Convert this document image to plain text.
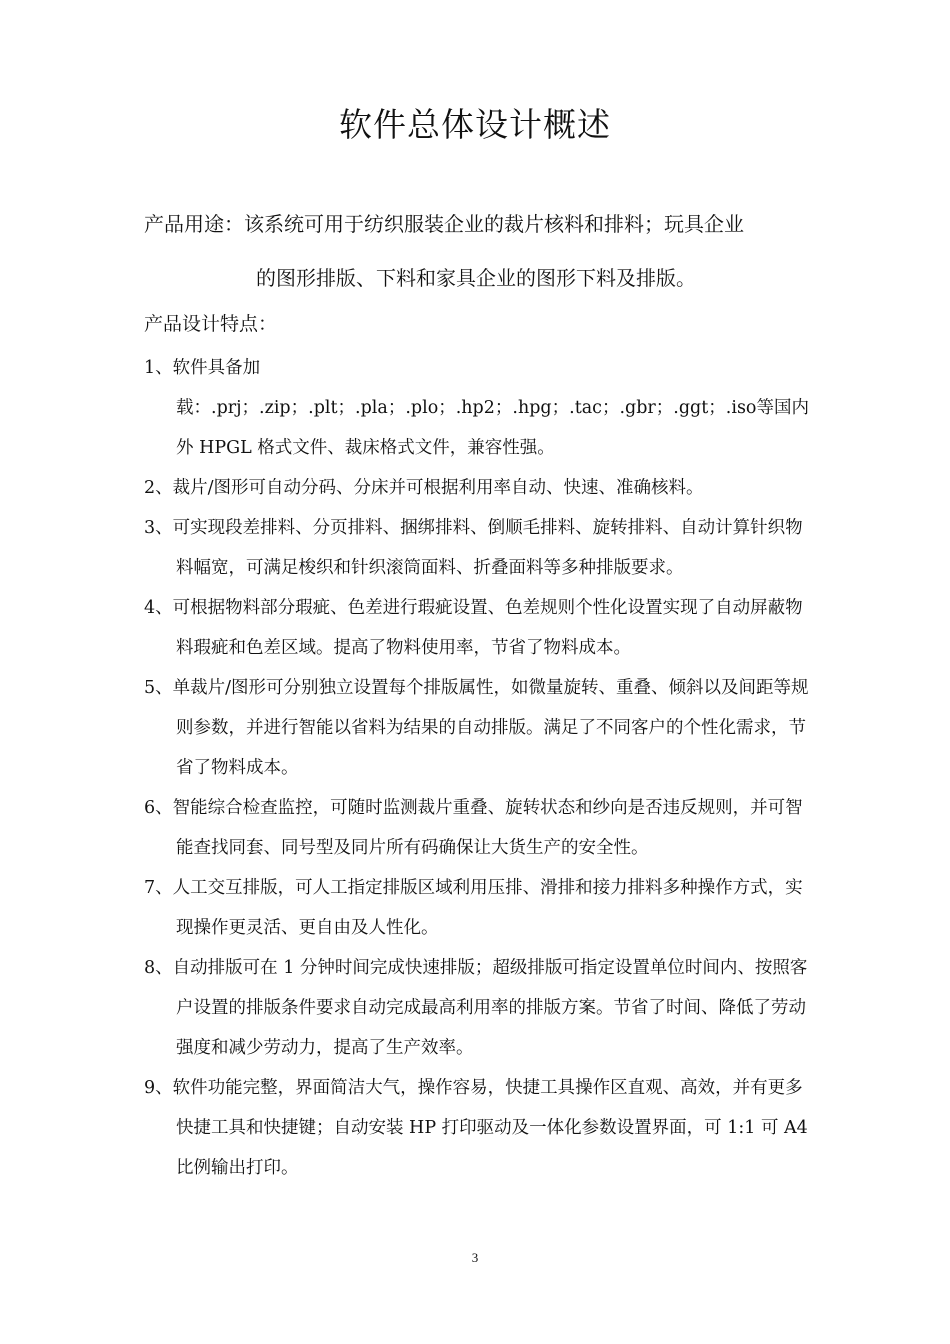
软件总体设计概述

产品用途：该系统可用于纺织服装企业的裁片核料和排料；玩具企业
的图形排版、下料和家具企业的图形下料及排版。

产品设计特点：

1、软件具备加载：.prj；.zip；.plt；.pla；.plo；.hp2；.hpg；.tac；.gbr；.ggt；.iso等国内外 HPGL 格式文件、裁床格式文件，兼容性强。
2、裁片/图形可自动分码、分床并可根据利用率自动、快速、准确核料。
3、可实现段差排料、分页排料、捆绑排料、倒顺毛排料、旋转排料、自动计算针织物料幅宽，可满足梭织和针织滚筒面料、折叠面料等多种排版要求。
4、可根据物料部分瑕疵、色差进行瑕疵设置、色差规则个性化设置实现了自动屏蔽物料瑕疵和色差区域。提高了物料使用率，节省了物料成本。
5、单裁片/图形可分别独立设置每个排版属性，如微量旋转、重叠、倾斜以及间距等规则参数，并进行智能以省料为结果的自动排版。满足了不同客户的个性化需求，节省了物料成本。
6、智能综合检查监控，可随时监测裁片重叠、旋转状态和纱向是否违反规则，并可智能查找同套、同号型及同片所有码确保让大货生产的安全性。
7、人工交互排版，可人工指定排版区域利用压排、滑排和接力排料多种操作方式，实现操作更灵活、更自由及人性化。
8、自动排版可在 1 分钟时间完成快速排版；超级排版可指定设置单位时间内、按照客户设置的排版条件要求自动完成最高利用率的排版方案。节省了时间、降低了劳动强度和减少劳动力，提高了生产效率。
9、软件功能完整，界面简洁大气，操作容易，快捷工具操作区直观、高效，并有更多快捷工具和快捷键；自动安装 HP 打印驱动及一体化参数设置界面，可 1:1 可 A4 比例输出打印。
3
